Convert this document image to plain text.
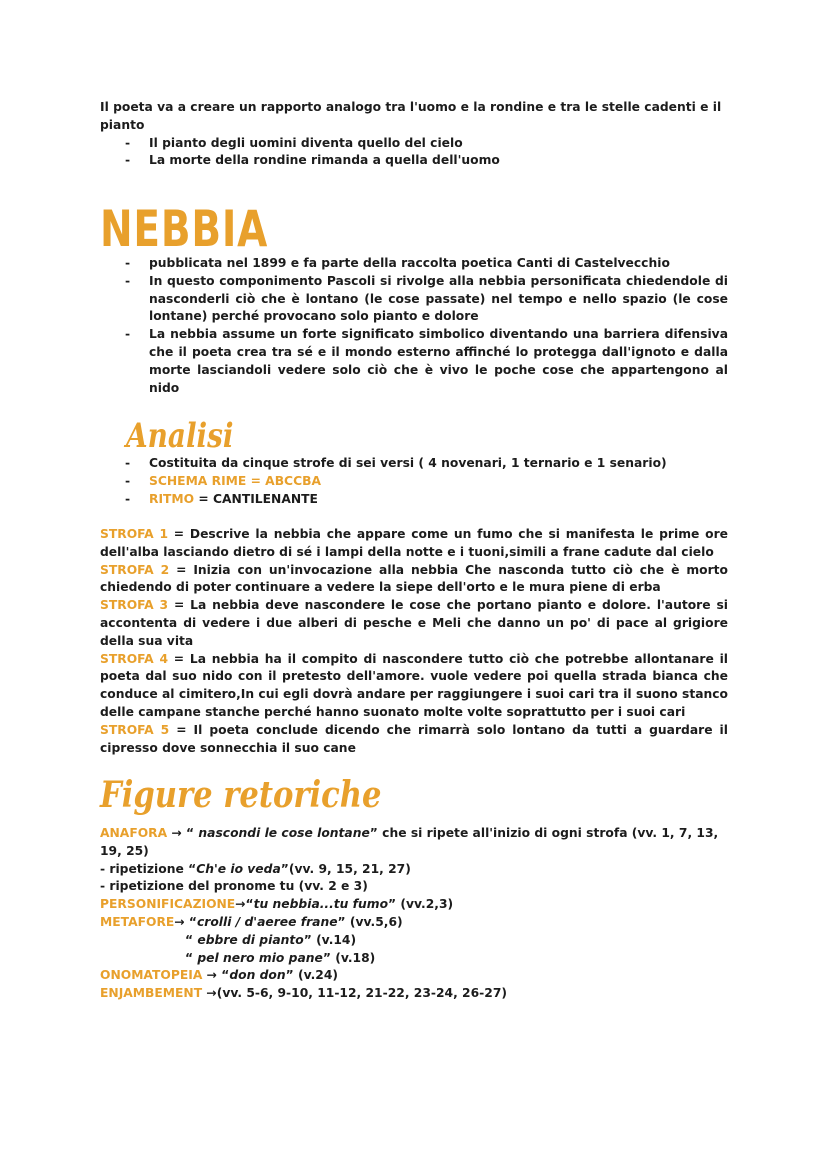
Il poeta va a creare un rapporto analogo tra l'uomo e la rondine e tra le stelle cadenti e il pianto
- Il pianto degli uomini diventa quello del cielo
- La morte della rondine rimanda a quella dell'uomo
NEBBIA
- pubblicata nel 1899 e fa parte della raccolta poetica Canti di Castelvecchio
- In questo componimento Pascoli si rivolge alla nebbia personificata chiedendole di nasconderli ciò che è lontano (le cose passate) nel tempo e nello spazio (le cose lontane) perché provocano solo pianto e dolore
- La nebbia assume un forte significato simbolico diventando una barriera difensiva che il poeta crea tra sé e il mondo esterno affinché lo protegga dall'ignoto e dalla morte lasciandoli vedere solo ciò che è vivo le poche cose che appartengono al nido
Analisi
- Costituita da cinque strofe di sei versi ( 4 novenari, 1 ternario e 1 senario)
- SCHEMA RIME = ABCCBA
- RITMO = CANTILENANTE
STROFA 1 = Descrive la nebbia che appare come un fumo che si manifesta le prime ore dell'alba lasciando dietro di sé i lampi della notte e i tuoni,simili a frane cadute dal cielo
STROFA 2 = Inizia con un'invocazione alla nebbia Che nasconda tutto ciò che è morto chiedendo di poter continuare a vedere la siepe dell'orto e le mura piene di erba
STROFA 3 = La nebbia deve nascondere le cose che portano pianto e dolore. l'autore si accontenta di vedere i due alberi di pesche e Meli che danno un po' di pace al grigiore della sua vita
STROFA 4 = La nebbia ha il compito di nascondere tutto ciò che potrebbe allontanare il poeta dal suo nido con il pretesto dell'amore. vuole vedere poi quella strada bianca che conduce al cimitero,In cui egli dovrà andare per raggiungere i suoi cari tra il suono stanco delle campane stanche perché hanno suonato molte volte soprattutto per i suoi cari
STROFA 5 = Il poeta conclude dicendo che rimarrà solo lontano da tutti a guardare il cipresso dove sonnecchia il suo cane
Figure retoriche
ANAFORA → “ nascondi le cose lontane” che si ripete all'inizio di ogni strofa (vv. 1, 7, 13, 19, 25)
- ripetizione “Ch'e io veda”(vv. 9, 15, 21, 27)
- ripetizione del pronome tu (vv. 2 e 3)
PERSONIFICAZIONE→“tu nebbia...tu fumo” (vv.2,3)
METAFORE→ “crolli / d'aeree frane” (vv.5,6)
“ ebbre di pianto” (v.14)
“ pel nero mio pane” (v.18)
ONOMATOPEIA → “don don” (v.24)
ENJAMBEMENT →(vv. 5-6, 9-10, 11-12, 21-22, 23-24, 26-27)
